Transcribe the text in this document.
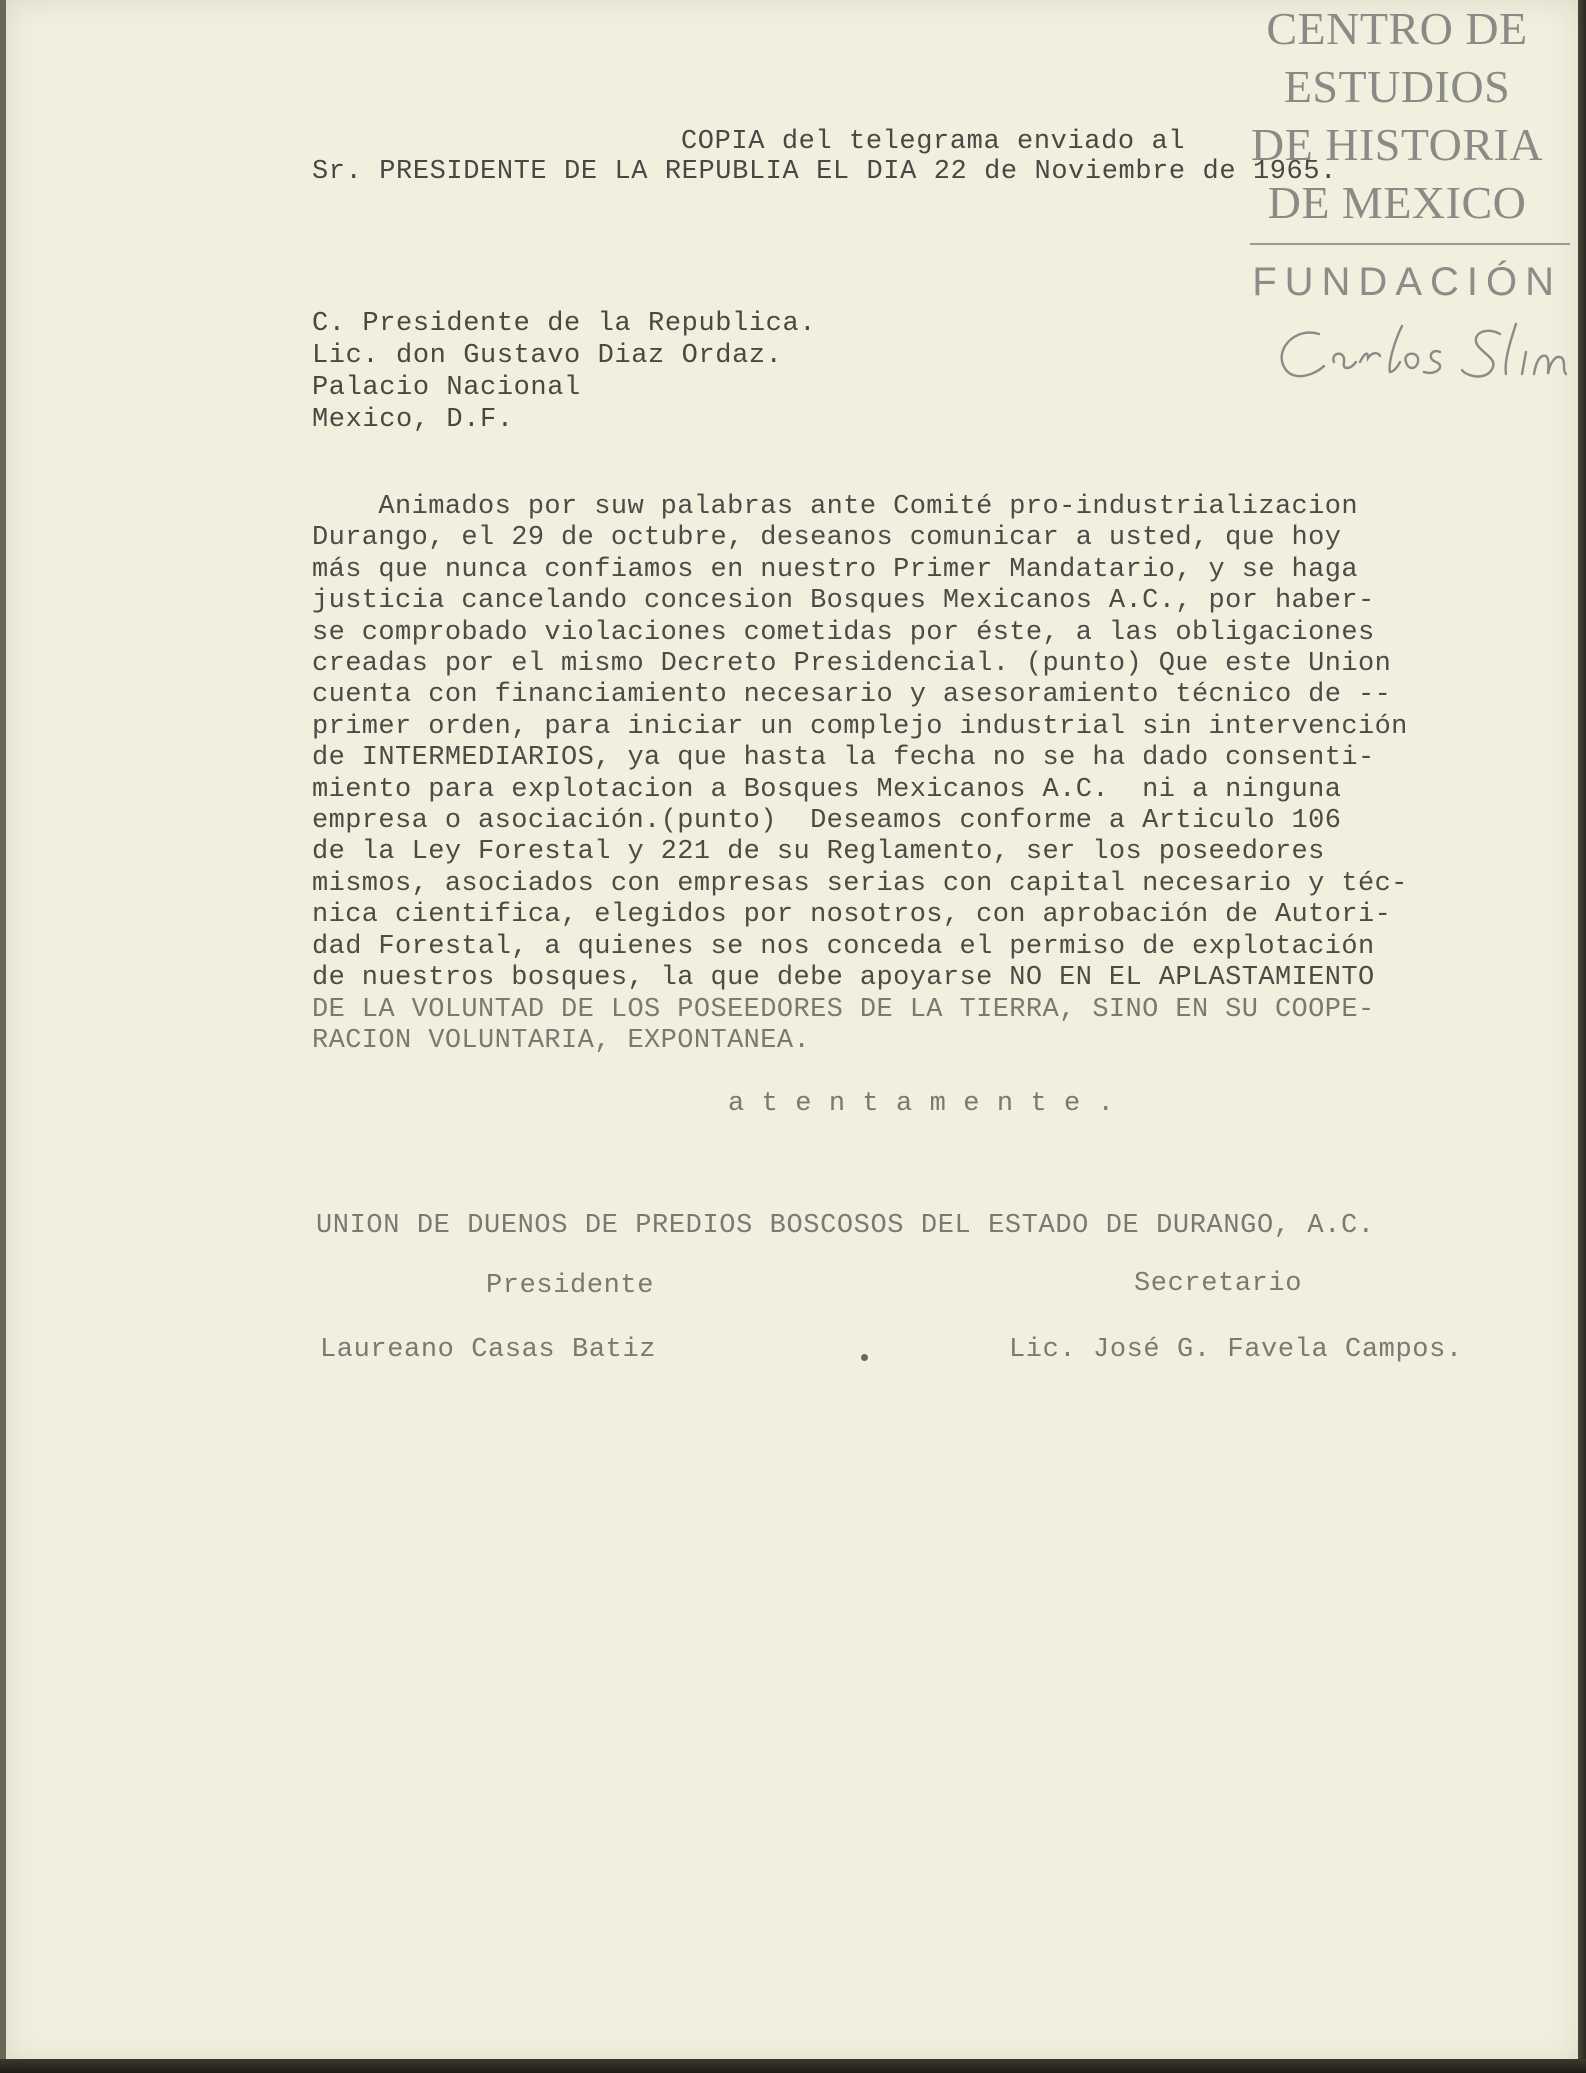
COPIA del telegrama enviado al
Sr. PRESIDENTE DE LA REPUBLIA EL DIA 22 de Noviembre de 1965.
C. Presidente de la Republica.
Lic. don Gustavo Diaz Ordaz.
Palacio Nacional
Mexico, D.F.
Animados por suw palabras ante Comité pro-industrializacion
Durango, el 29 de octubre, deseanos comunicar a usted, que hoy
más que nunca confiamos en nuestro Primer Mandatario, y se haga
justicia cancelando concesion Bosques Mexicanos A.C., por haber-
se comprobado violaciones cometidas por éste, a las obligaciones
creadas por el mismo Decreto Presidencial. (punto) Que este Union
cuenta con financiamiento necesario y asesoramiento técnico de --
primer orden, para iniciar un complejo industrial sin intervención
de INTERMEDIARIOS, ya que hasta la fecha no se ha dado consenti-
miento para explotacion a Bosques Mexicanos A.C.  ni a ninguna
empresa o asociación.(punto)  Deseamos conforme a Articulo 106
de la Ley Forestal y 221 de su Reglamento, ser los poseedores
mismos, asociados con empresas serias con capital necesario y téc-
nica cientifica, elegidos por nosotros, con aprobación de Autori-
dad Forestal, a quienes se nos conceda el permiso de explotación
de nuestros bosques, la que debe apoyarse NO EN EL APLASTAMIENTO
DE LA VOLUNTAD DE LOS POSEEDORES DE LA TIERRA, SINO EN SU COOPE-
RACION VOLUNTARIA, EXPONTANEA.
a t e n t a m e n t e .
UNION DE DUENOS DE PREDIOS BOSCOSOS DEL ESTADO DE DURANGO, A.C.
Presidente	Secretario
Laureano Casas Batiz	Lic. José G. Favela Campos.
CENTRO DE
ESTUDIOS
DE HISTORIA
DE MEXICO
FUNDACIÓN
